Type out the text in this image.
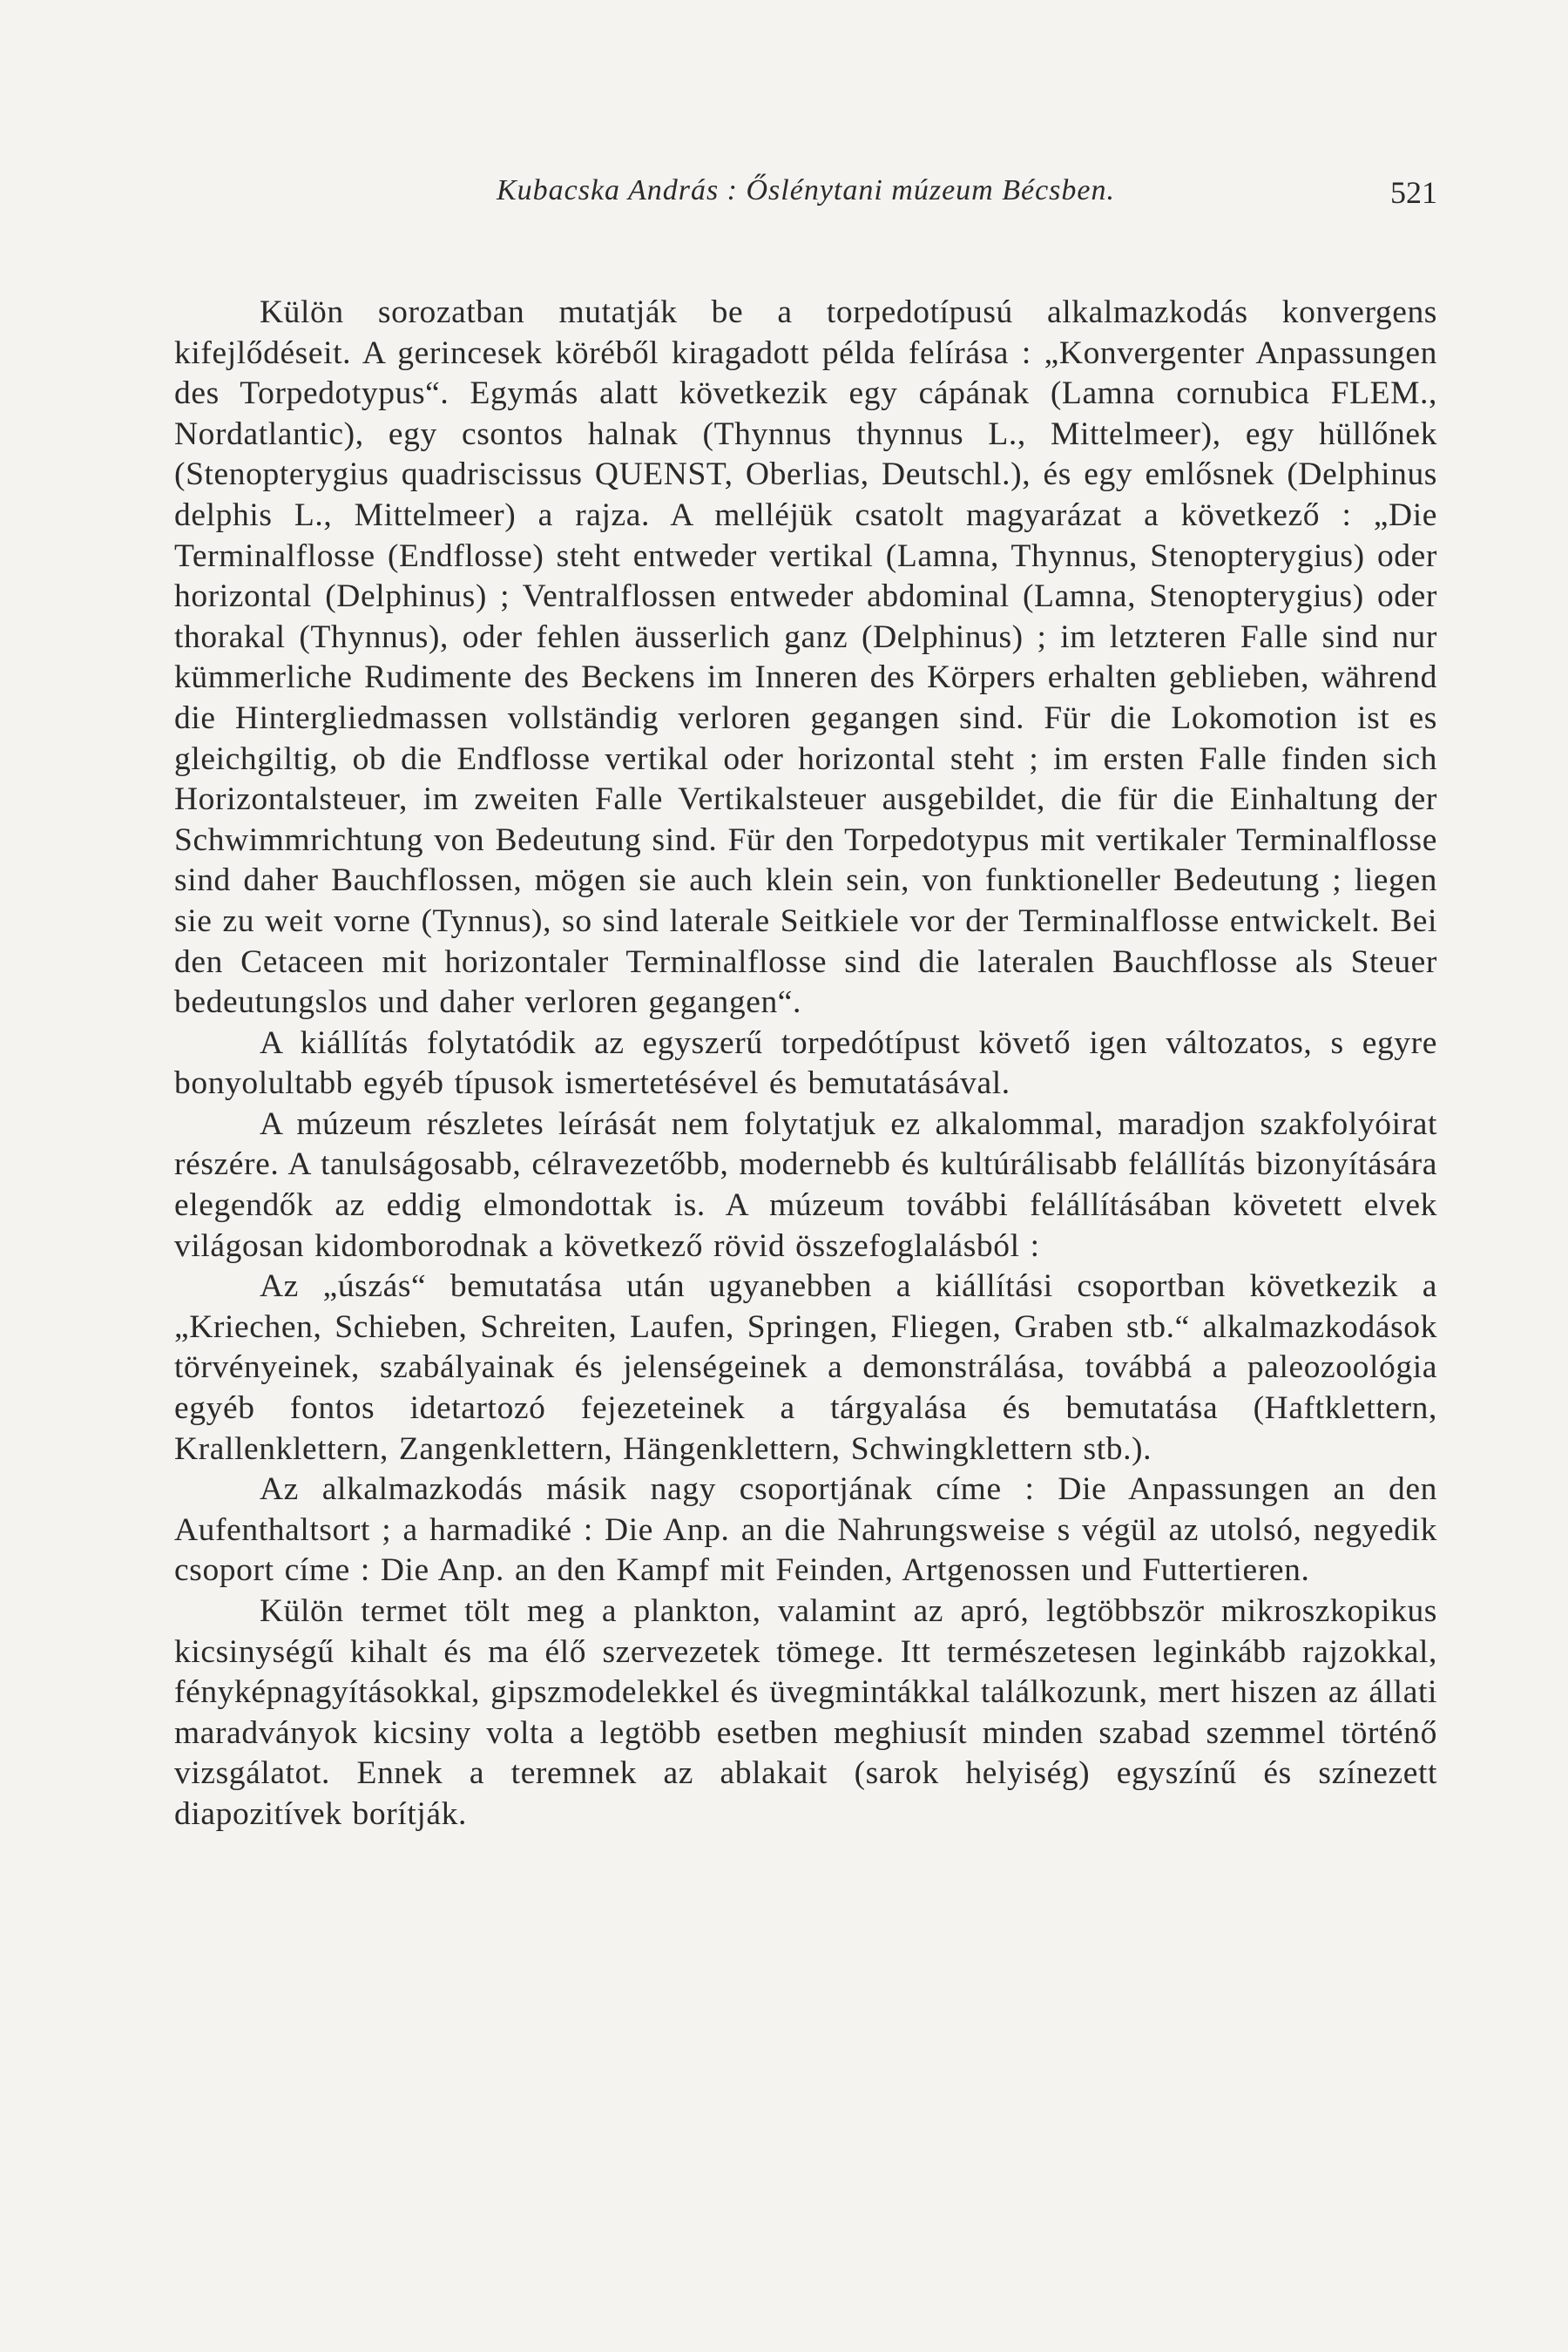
Kubacska András : Őslénytani múzeum Bécsben.	521

Külön sorozatban mutatják be a torpedotípusú alkalmazkodás konvergens kifejlődéseit. A gerincesek köréből kiragadott példa felírása : „Konvergenter Anpassungen des Torpedotypus“. Egymás alatt következik egy cápának (Lamna cornubica FLEM., Nordatlantic), egy csontos halnak (Thynnus thynnus L., Mittelmeer), egy hüllőnek (Stenopterygius quadriscissus QUENST, Oberlias, Deutschl.), és egy emlősnek (Delphinus delphis L., Mittelmeer) a rajza. A melléjük csatolt magyarázat a következő : „Die Terminalflosse (Endflosse) steht entweder vertikal (Lamna, Thynnus, Stenopterygius) oder horizontal (Delphinus) ; Ventralflossen entweder abdominal (Lamna, Stenopterygius) oder thorakal (Thynnus), oder fehlen äusserlich ganz (Delphinus) ; im letzteren Falle sind nur kümmerliche Rudimente des Beckens im Inneren des Körpers erhalten geblieben, während die Hintergliedmassen vollständig verloren gegangen sind. Für die Lokomotion ist es gleichgiltig, ob die Endflosse vertikal oder horizontal steht ; im ersten Falle finden sich Horizontalsteuer, im zweiten Falle Vertikalsteuer ausgebildet, die für die Einhaltung der Schwimmrichtung von Bedeutung sind. Für den Torpedotypus mit vertikaler Terminalflosse sind daher Bauchflossen, mögen sie auch klein sein, von funktioneller Bedeutung ; liegen sie zu weit vorne (Tynnus), so sind laterale Seitkiele vor der Terminalflosse entwickelt. Bei den Cetaceen mit horizontaler Terminalflosse sind die lateralen Bauchflosse als Steuer bedeutungslos und daher verloren gegangen“.

A kiállítás folytatódik az egyszerű torpedótípust követő igen változatos, s egyre bonyolultabb egyéb típusok ismertetésével és bemutatásával.

A múzeum részletes leírását nem folytatjuk ez alkalommal, maradjon szakfolyóirat részére. A tanulságosabb, célravezetőbb, modernebb és kultúrálisabb felállítás bizonyítására elegendők az eddig elmondottak is. A múzeum további felállításában követett elvek világosan kidomborodnak a következő rövid összefoglalásból :

Az „úszás“ bemutatása után ugyanebben a kiállítási csoportban következik a „Kriechen, Schieben, Schreiten, Laufen, Springen, Fliegen, Graben stb.“ alkalmazkodások törvényeinek, szabályainak és jelenségeinek a demonstrálása, továbbá a paleozoológia egyéb fontos idetartozó fejezeteinek a tárgyalása és bemutatása (Haftklettern, Krallenklettern, Zangenklettern, Hängenklettern, Schwingklettern stb.).

Az alkalmazkodás másik nagy csoportjának címe : Die Anpassungen an den Aufenthaltsort ; a harmadiké : Die Anp. an die Nahrungsweise s végül az utolsó, negyedik csoport címe : Die Anp. an den Kampf mit Feinden, Artgenossen und Futtertieren.

Külön termet tölt meg a plankton, valamint az apró, legtöbbször mikroszkopikus kicsinységű kihalt és ma élő szervezetek tömege. Itt természetesen leginkább rajzokkal, fényképnagyításokkal, gipszmodelekkel és üvegmintákkal találkozunk, mert hiszen az állati maradványok kicsiny volta a legtöbb esetben meghiusít minden szabad szemmel történő vizsgálatot. Ennek a teremnek az ablakait (sarok helyiség) egyszínű és színezett diapozitívek borítják.
